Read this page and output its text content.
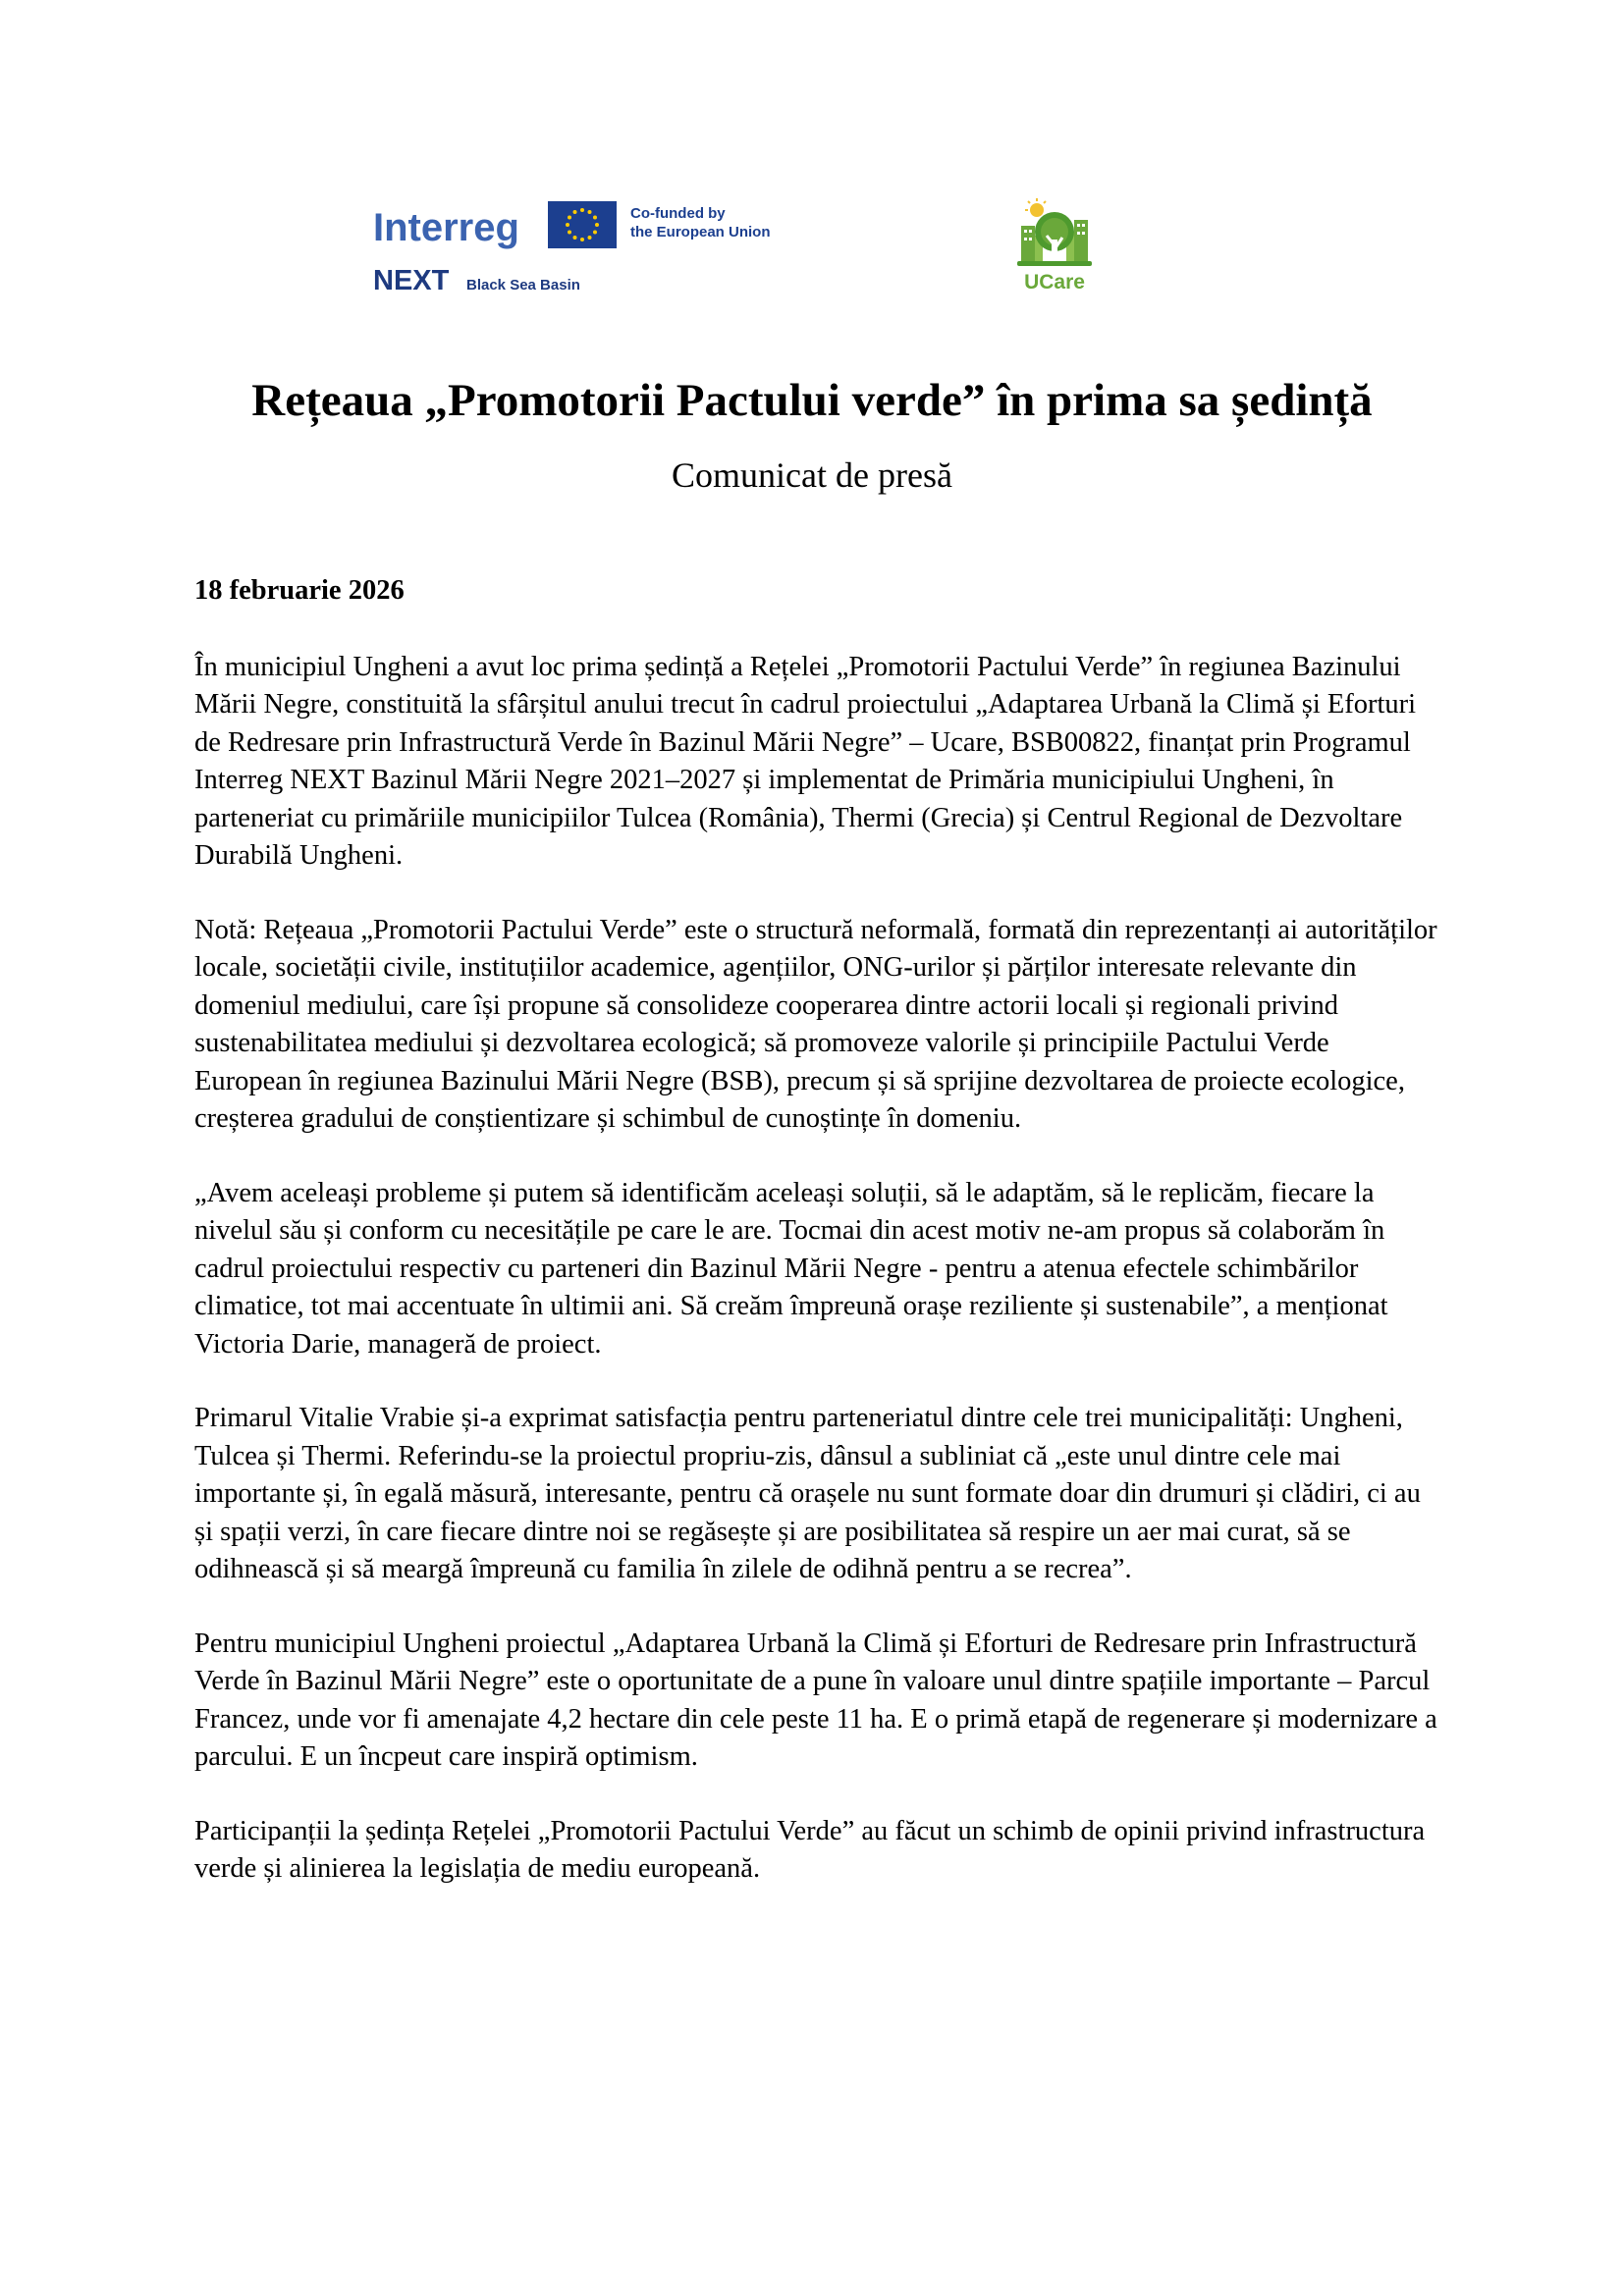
Interreg	Co-funded by
the European Union
NEXT Black Sea Basin	UCare
Rețeaua „Promotorii Pactului verde” în prima sa ședință
Comunicat de presă

18 februarie 2026

În municipiul Ungheni a avut loc prima ședință a Rețelei „Promotorii Pactului Verde” în regiunea Bazinului Mării Negre, constituită la sfârșitul anului trecut în cadrul proiectului „Adaptarea Urbană la Climă și Eforturi de Redresare prin Infrastructură Verde în Bazinul Mării Negre” – Ucare, BSB00822, finanțat prin Programul Interreg NEXT Bazinul Mării Negre 2021–2027 și implementat de Primăria municipiului Ungheni, în parteneriat cu primăriile municipiilor Tulcea (România), Thermi (Grecia) și Centrul Regional de Dezvoltare Durabilă Ungheni.

Notă: Rețeaua „Promotorii Pactului Verde” este o structură neformală, formată din reprezentanți ai autorităților locale, societății civile, instituțiilor academice, agențiilor, ONG-urilor și părților interesate relevante din domeniul mediului, care își propune să consolideze cooperarea dintre actorii locali și regionali privind sustenabilitatea mediului și dezvoltarea ecologică; să promoveze valorile și principiile Pactului Verde European în regiunea Bazinului Mării Negre (BSB), precum și să sprijine dezvoltarea de proiecte ecologice, creșterea gradului de conștientizare și schimbul de cunoștințe în domeniu.

„Avem aceleași probleme și putem să identificăm aceleași soluții, să le adaptăm, să le replicăm, fiecare la nivelul său și conform cu necesitățile pe care le are. Tocmai din acest motiv ne-am propus să colaborăm în cadrul proiectului respectiv cu parteneri din Bazinul Mării Negre - pentru a atenua efectele schimbărilor climatice, tot mai accentuate în ultimii ani. Să creăm împreună orașe reziliente și sustenabile”, a menționat Victoria Darie, manageră de proiect.

Primarul Vitalie Vrabie și-a exprimat satisfacția pentru parteneriatul dintre cele trei municipalități: Ungheni, Tulcea și Thermi. Referindu-se la proiectul propriu-zis, dânsul a subliniat că „este unul dintre cele mai importante și, în egală măsură, interesante, pentru că orașele nu sunt formate doar din drumuri și clădiri, ci au și spații verzi, în care fiecare dintre noi se regăsește și are posibilitatea să respire un aer mai curat, să se odihnească și să meargă împreună cu familia în zilele de odihnă pentru a se recrea”.

Pentru municipiul Ungheni proiectul „Adaptarea Urbană la Climă și Eforturi de Redresare prin Infrastructură Verde în Bazinul Mării Negre” este o oportunitate de a pune în valoare unul dintre spațiile importante – Parcul Francez, unde vor fi amenajate 4,2 hectare din cele peste 11 ha. E o primă etapă de regenerare și modernizare a parcului. E un încpeut care inspiră optimism.

Participanții la ședința Rețelei „Promotorii Pactului Verde” au făcut un schimb de opinii privind infrastructura verde și alinierea la legislația de mediu europeană.
